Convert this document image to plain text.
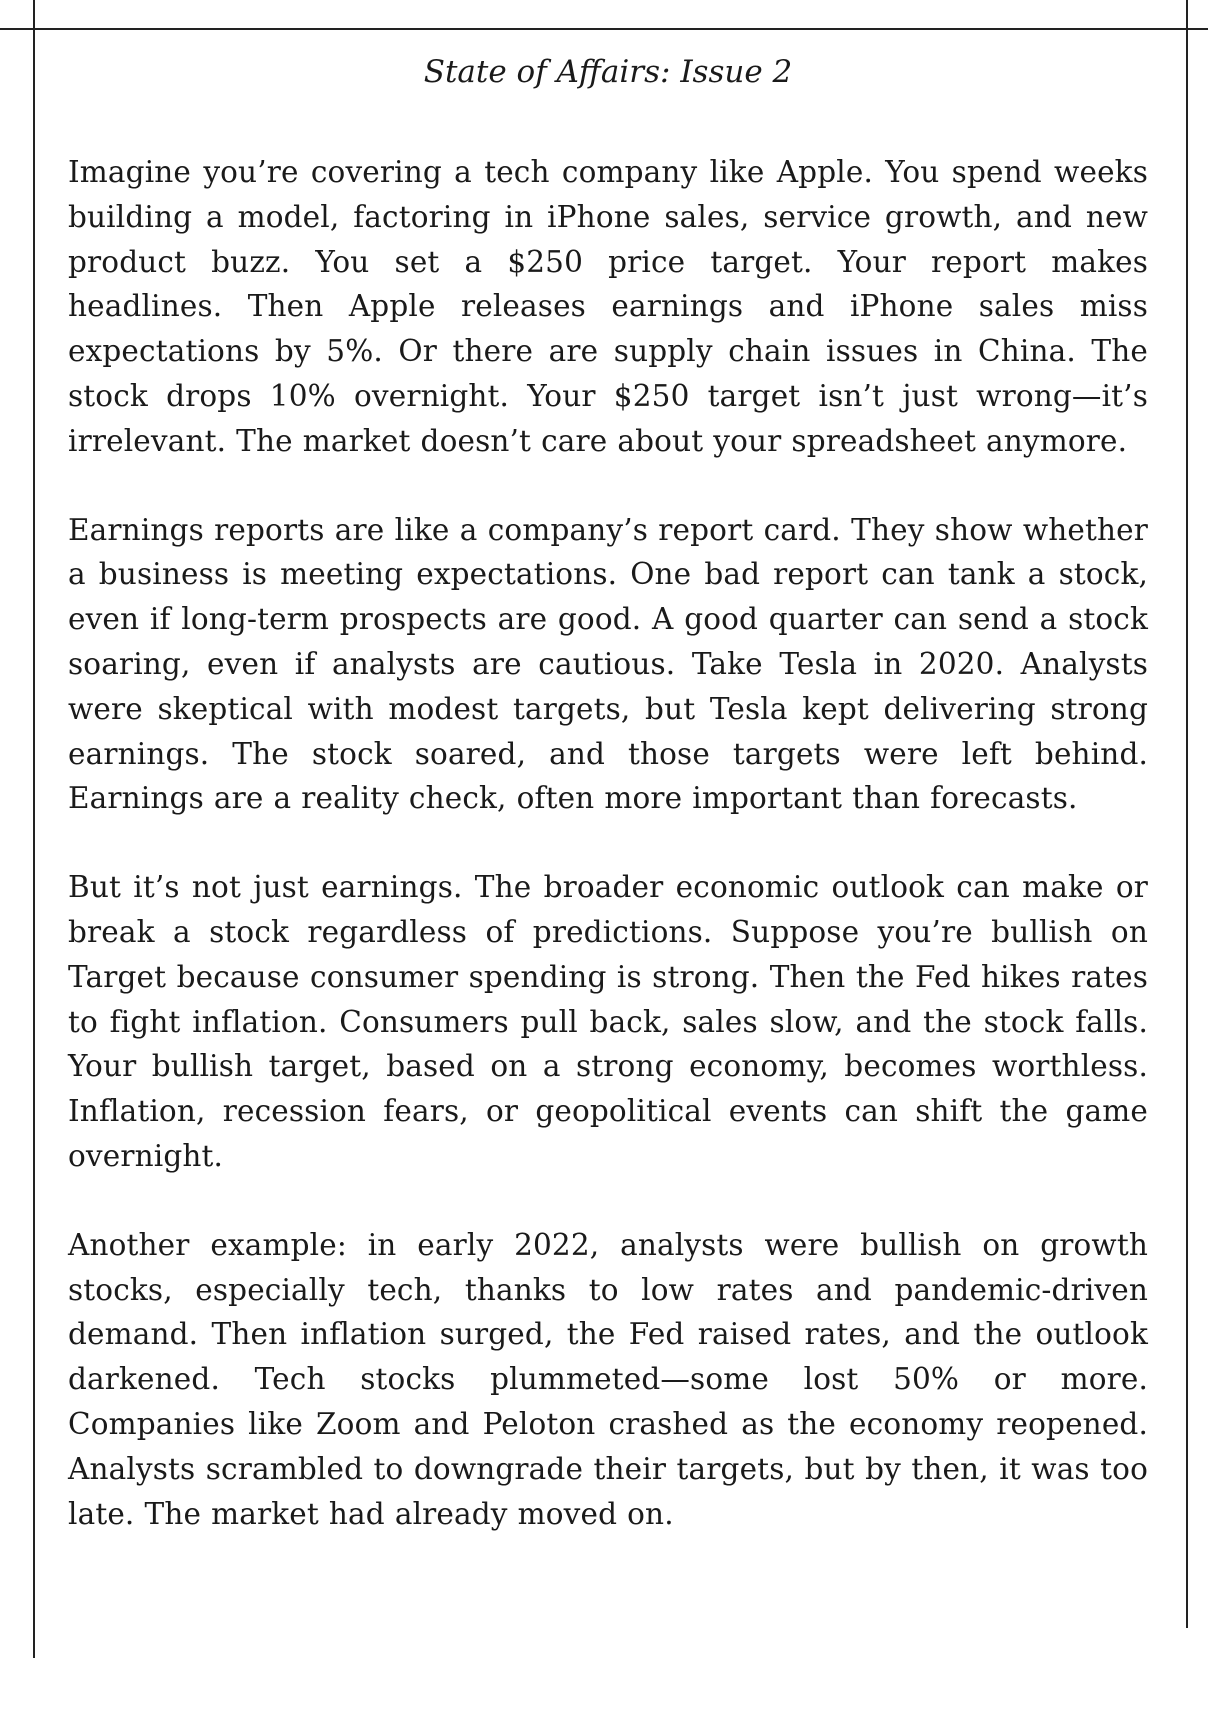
State of Affairs: Issue 2

Imagine you’re covering a tech company like Apple. You spend weeks building a model, factoring in iPhone sales, service growth, and new product buzz. You set a $250 price target. Your report makes headlines. Then Apple releases earnings and iPhone sales miss expectations by 5%. Or there are supply chain issues in China. The stock drops 10% overnight. Your $250 target isn’t just wrong—it’s irrelevant. The market doesn’t care about your spreadsheet anymore.

Earnings reports are like a company’s report card. They show whether a business is meeting expectations. One bad report can tank a stock, even if long-term prospects are good. A good quarter can send a stock soaring, even if analysts are cautious. Take Tesla in 2020. Analysts were skeptical with modest targets, but Tesla kept delivering strong earnings. The stock soared, and those targets were left behind. Earnings are a reality check, often more important than forecasts.

But it’s not just earnings. The broader economic outlook can make or break a stock regardless of predictions. Suppose you’re bullish on Target because consumer spending is strong. Then the Fed hikes rates to fight inflation. Consumers pull back, sales slow, and the stock falls. Your bullish target, based on a strong economy, becomes worthless. Inflation, recession fears, or geopolitical events can shift the game overnight.

Another example: in early 2022, analysts were bullish on growth stocks, especially tech, thanks to low rates and pandemic-driven demand. Then inflation surged, the Fed raised rates, and the outlook darkened. Tech stocks plummeted—some lost 50% or more. Companies like Zoom and Peloton crashed as the economy reopened. Analysts scrambled to downgrade their targets, but by then, it was too late. The market had already moved on.
